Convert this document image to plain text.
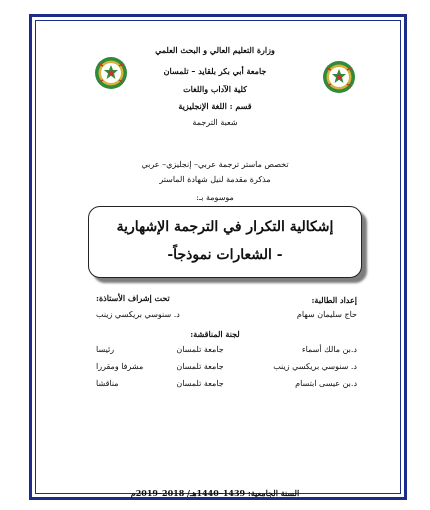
وزارة التعليم العالي و البحث العلمي
جامعة أبي بكر بلقايد – تلمسان
كلية الآداب واللغات
قسم : اللغة الإنجليزية
شعبة الترجمة
تخصص ماستر ترجمة عربي– إنجليزي– عربي
مذكرة مقدمة لنيل شهادة الماستر
موسومة بـ:
إشكالية التكرار في الترجمة الإشهارية
- الشعارات نموذجاً-
إعداد الطالبة:
حاج سليمان سهام
تحت إشراف الأستاذة:
د. سنوسي بريكسي زينب
لجنة المناقشة:
د.بن مالك أسماء
جامعة تلمسان
رئيسا
د. سنوسي بريكسي زينب
جامعة تلمسان
مشرفا ومقررا
د.بن عيسى ابتسام
جامعة تلمسان
مناقشا
السنة الجامعية: 1439–1440هـ/ 2018–2019م
